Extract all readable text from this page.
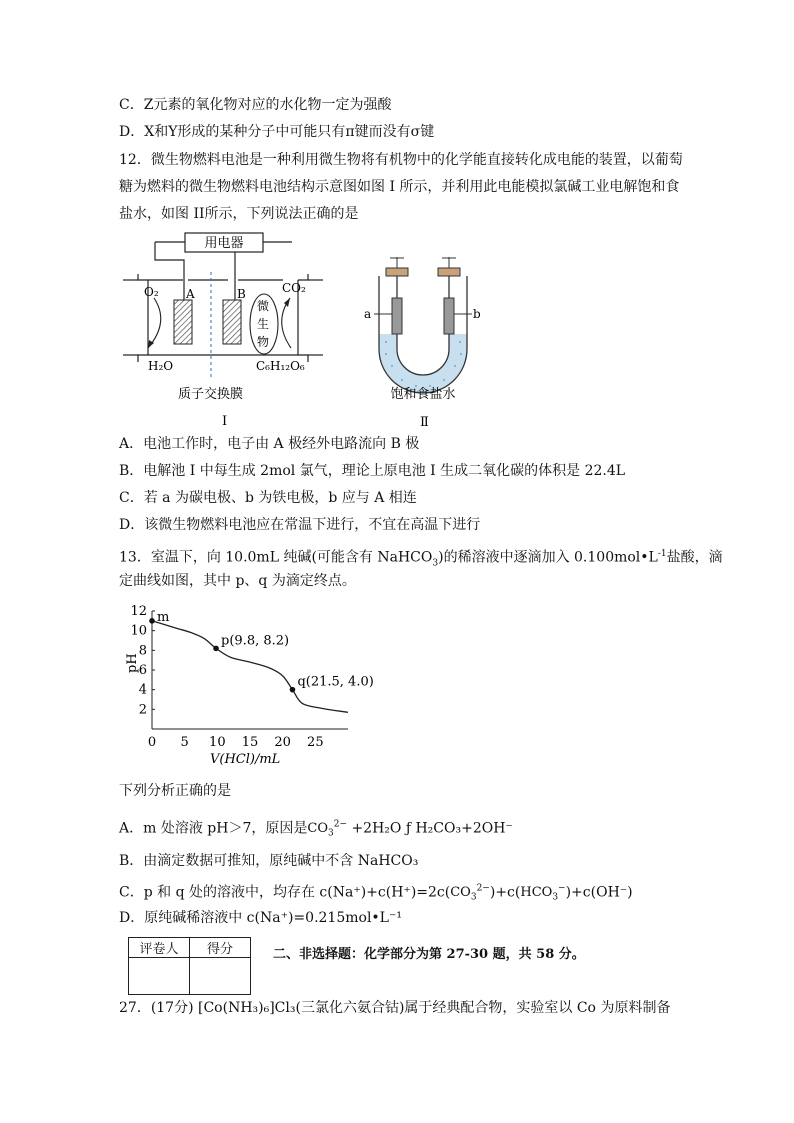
C．Z元素的氧化物对应的水化物一定为强酸
D．X和Y形成的某种分子中可能只有π键而没有σ键
12．微生物燃料电池是一种利用微生物将有机物中的化学能直接转化成电能的装置，以葡萄
糖为燃料的微生物燃料电池结构示意图如图 I 所示，并利用此电能模拟氯碱工业电解饱和食
盐水，如图 II所示，下列说法正确的是
用电器
O₂ A	B	CO₂
微
生
物
H₂O	C₆H₁₂O₆
质子交换膜
Ⅰ
a	b
饱和食盐水
Ⅱ
A．电池工作时，电子由 A 极经外电路流向 B 极
B．电解池 I 中每生成 2mol 氯气，理论上原电池 I 生成二氧化碳的体积是 22.4L
C．若 a 为碳电极、b 为铁电极，b 应与 A 相连
D．该微生物燃料电池应在常温下进行，不宜在高温下进行
13．室温下，向 10.0mL 纯碱(可能含有 NaHCO$_3$)的稀溶液中逐滴加入 $0.100mol•L^{-1}$盐酸，滴
定曲线如图，其中 p、q 为滴定终点。
0 5 10 15 20 25
2
4
6
8
10
12 m
p(9.8, 8.2)
q(21.5, 4.0)
pH
V(HCl)/mL
下列分析正确的是
A．m 处溶液 pH＞7，原因是$CO_3^{2-} +2H_2O$ ƒ H₂CO₃+2OH⁻
B．由滴定数据可推知，原纯碱中不含 NaHCO₃
C．p 和 q 处的溶液中，均存在 $c(Na^+)+c(H^+)=2c(CO_3^{2-})+c(HCO_3^-)+c(OH^-)$
D．原纯碱稀溶液中 c(Na⁺)=0.215mol•L⁻¹
评卷人	得分
		二、非选择题：化学部分为第 27-30 题，共 58 分。
27．(17分) [Co(NH₃)₆]Cl₃(三氯化六氨合钴)属于经典配合物，实验室以 Co 为原料制备
